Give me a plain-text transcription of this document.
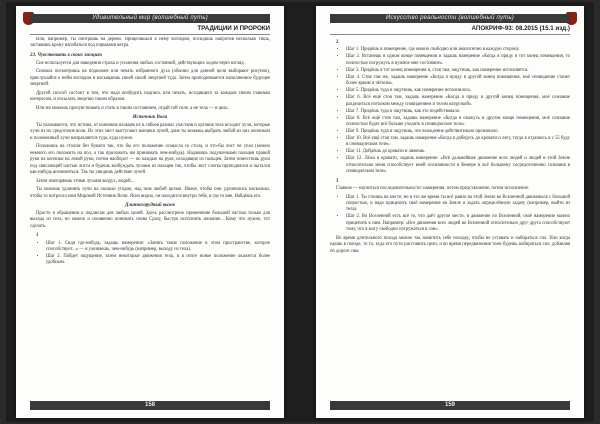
Удивительный мир (волшебный путь)
ТРАДИЦИИ И ПРОРОКИ

Или, например, ты смотришь на дерево. Прицелишься к нему взглядом, посидишь напротив несколько тишь, заставишь крону нагибаться под порывами ветра.

23. Чувствовать в своих эмоциях

Сие используется для наведения страха и усиления любых состояний, действующих ходом через взгляд.

Сначала посмотришь на подножие или печать избранного духа (обычно для данной цели выбирают рисунок), прислушайся к нейм взглядом и насыщаешь своей силой энергией туда. Затем приподнимается наполненное будущее энергией.

Другой способ состоит в том, что надо возбудить подпись или печать, исходящего за каждым твоим главным интересом, и посылать энергию таким образом.

Или же можешь прочувствовать и стать в таким состоянием, отдай той силе, а не тела — и цель.

Источник Воли

Ты указывается, что истина, от кончиков пальцев их в сябоев разных участков и органов тела исходит лучи, которые лучи из их средоточие воли. Их этих мест выступают кончики лучей, длие ты можешь выбрать любой из них кончиком и положенный лучи направляется туда, куда нужно.

Положишь на столом без бумаги так, что бы его положение осмысла со стола, и что-бы лист не упал (можно немного его положить на пол, а так приложить им принимать чем-нибудь). Надавишь подушечками пальцев правой руки на кончики на левой руки, потом наоборот — по каждые на руке, исходящие из пальцев. Затем поместишь руки под свисающий частью листа и будешь возбуждать лучами из пальцев так, чтобы лист слегка приподнялся и пытался как-нибудь вознимиться. Так ты увидишь действие лучей.

Затем повторяешь этими лучами воздух, людей...

Ты можешь удлинять лучи на сколько угодно, над ним любой целью. Иначе, чтобы они удлинились насколько, чтобы то потрогал ими Мировой Источник Воли. Ясно видно, он находится внутри тебя, и где то вне. Найдёшь его.

Длинногорудный вызов

Просто в обращении к подлисам для любых целей. Здесь рассмотрено применение большой частью только для выхода из тела, но можно и сконвенно понимать снова Сразу, быстро исполнить желание... Кому что нужно, тот сделать.

1
• Шаг 1. Сидя где-нибудь, задашь намерение: «Занять такое положение в этом пространстве, которое способствует...» — и ужинаешь, чем-нибудь (например, выходу из тела).
• Шаг 2. Пойдет ощущение, затем некоторые движения тела, и в итоге новое положение окажется более удобным.
158
Искусство реальности (волшебный путь)
АПОКРИФ-93: 08.2015 (15.1 изд.)
2
• Шаг 1. Придёшь в помещение, где можно свободно или аналогично в каждую сторону.
• Шаг 2. Встанешь в одном конце помещения и задашь намерение «Когда я приду в тот конец помещения, то полностью погружусь в нужное мне состояние».
• Шаг 3. Придёшь в тот конец помещения и, стоя там, ощутишь, как намерение исполняется.
• Шаг 4. Стоя там же, задашь намерение «Когда я приду в другой конец помещения, моё сновидение станет более ярким и чётким».
• Шаг 5. Придёшь туда и ощутишь, как намерение исполнилось.
• Шаг 6. Всё ещё стоя там, задашь намерение «Когда я приду в другой конец помещения, моё сознание разделиться потолком между сновидением и телом нагрузкой».
• Шаг 7. Придёшь туда и ощутишь, как это подействовало.
• Шаг 8. Всё ещё стоя там, задашь намерение «Когда я окажусь в другом конце помещения, моё сознание полностью будет всё больше уходить в сновидческое тело».
• Шаг 9. Придёшь туда и ощутишь, что вхождение действительно произошло.
• Шаг 10. Всё ещё стоя там, задашь намерение «Когда я доберусь до кровати и лягу, тогда я отделюсь и с 55 буду в сновидческом теле».
• Шаг 11. Дойдёшь до кровати и ляжешь.
• Шаг 12. Лёжа в кровати, задашь намерение: «Всё дальнейшее движение всех людей и людей в этой Земле относительно меня способствует моей осознанности в Кемере и всё большему сосредоточению сознания в сновидческом теле».
3

Главное — научиться последовательности: намерения, потом представление, потом исполнение.

• Шаг 1. Ты стоишь на месте, но в это же время ты всё равно на этой Земле во Вселенной движешься с большой скоростью, и надо прицелить своё намерение на Земле и задать определённую задачу (например, выйти из тела).
• Шаг 2. Во Вселенной есть всё то, что даёт другое место, и движение по Вселенной, своё намерение можно прицепить к ним. Например: «Все движения всех людей во Вселенной относительно друг друга способствуют тому, что я могу свободно погружаться в сон».

Во время длительного похода можно так наметить себе походку, чтобы не уставать и набираться сил. Или когда едешь в поезде, то то, куда его пути расставить цели, и во время передвижения тоже будешь набираться сил, добавляя по дороге сны.

159
